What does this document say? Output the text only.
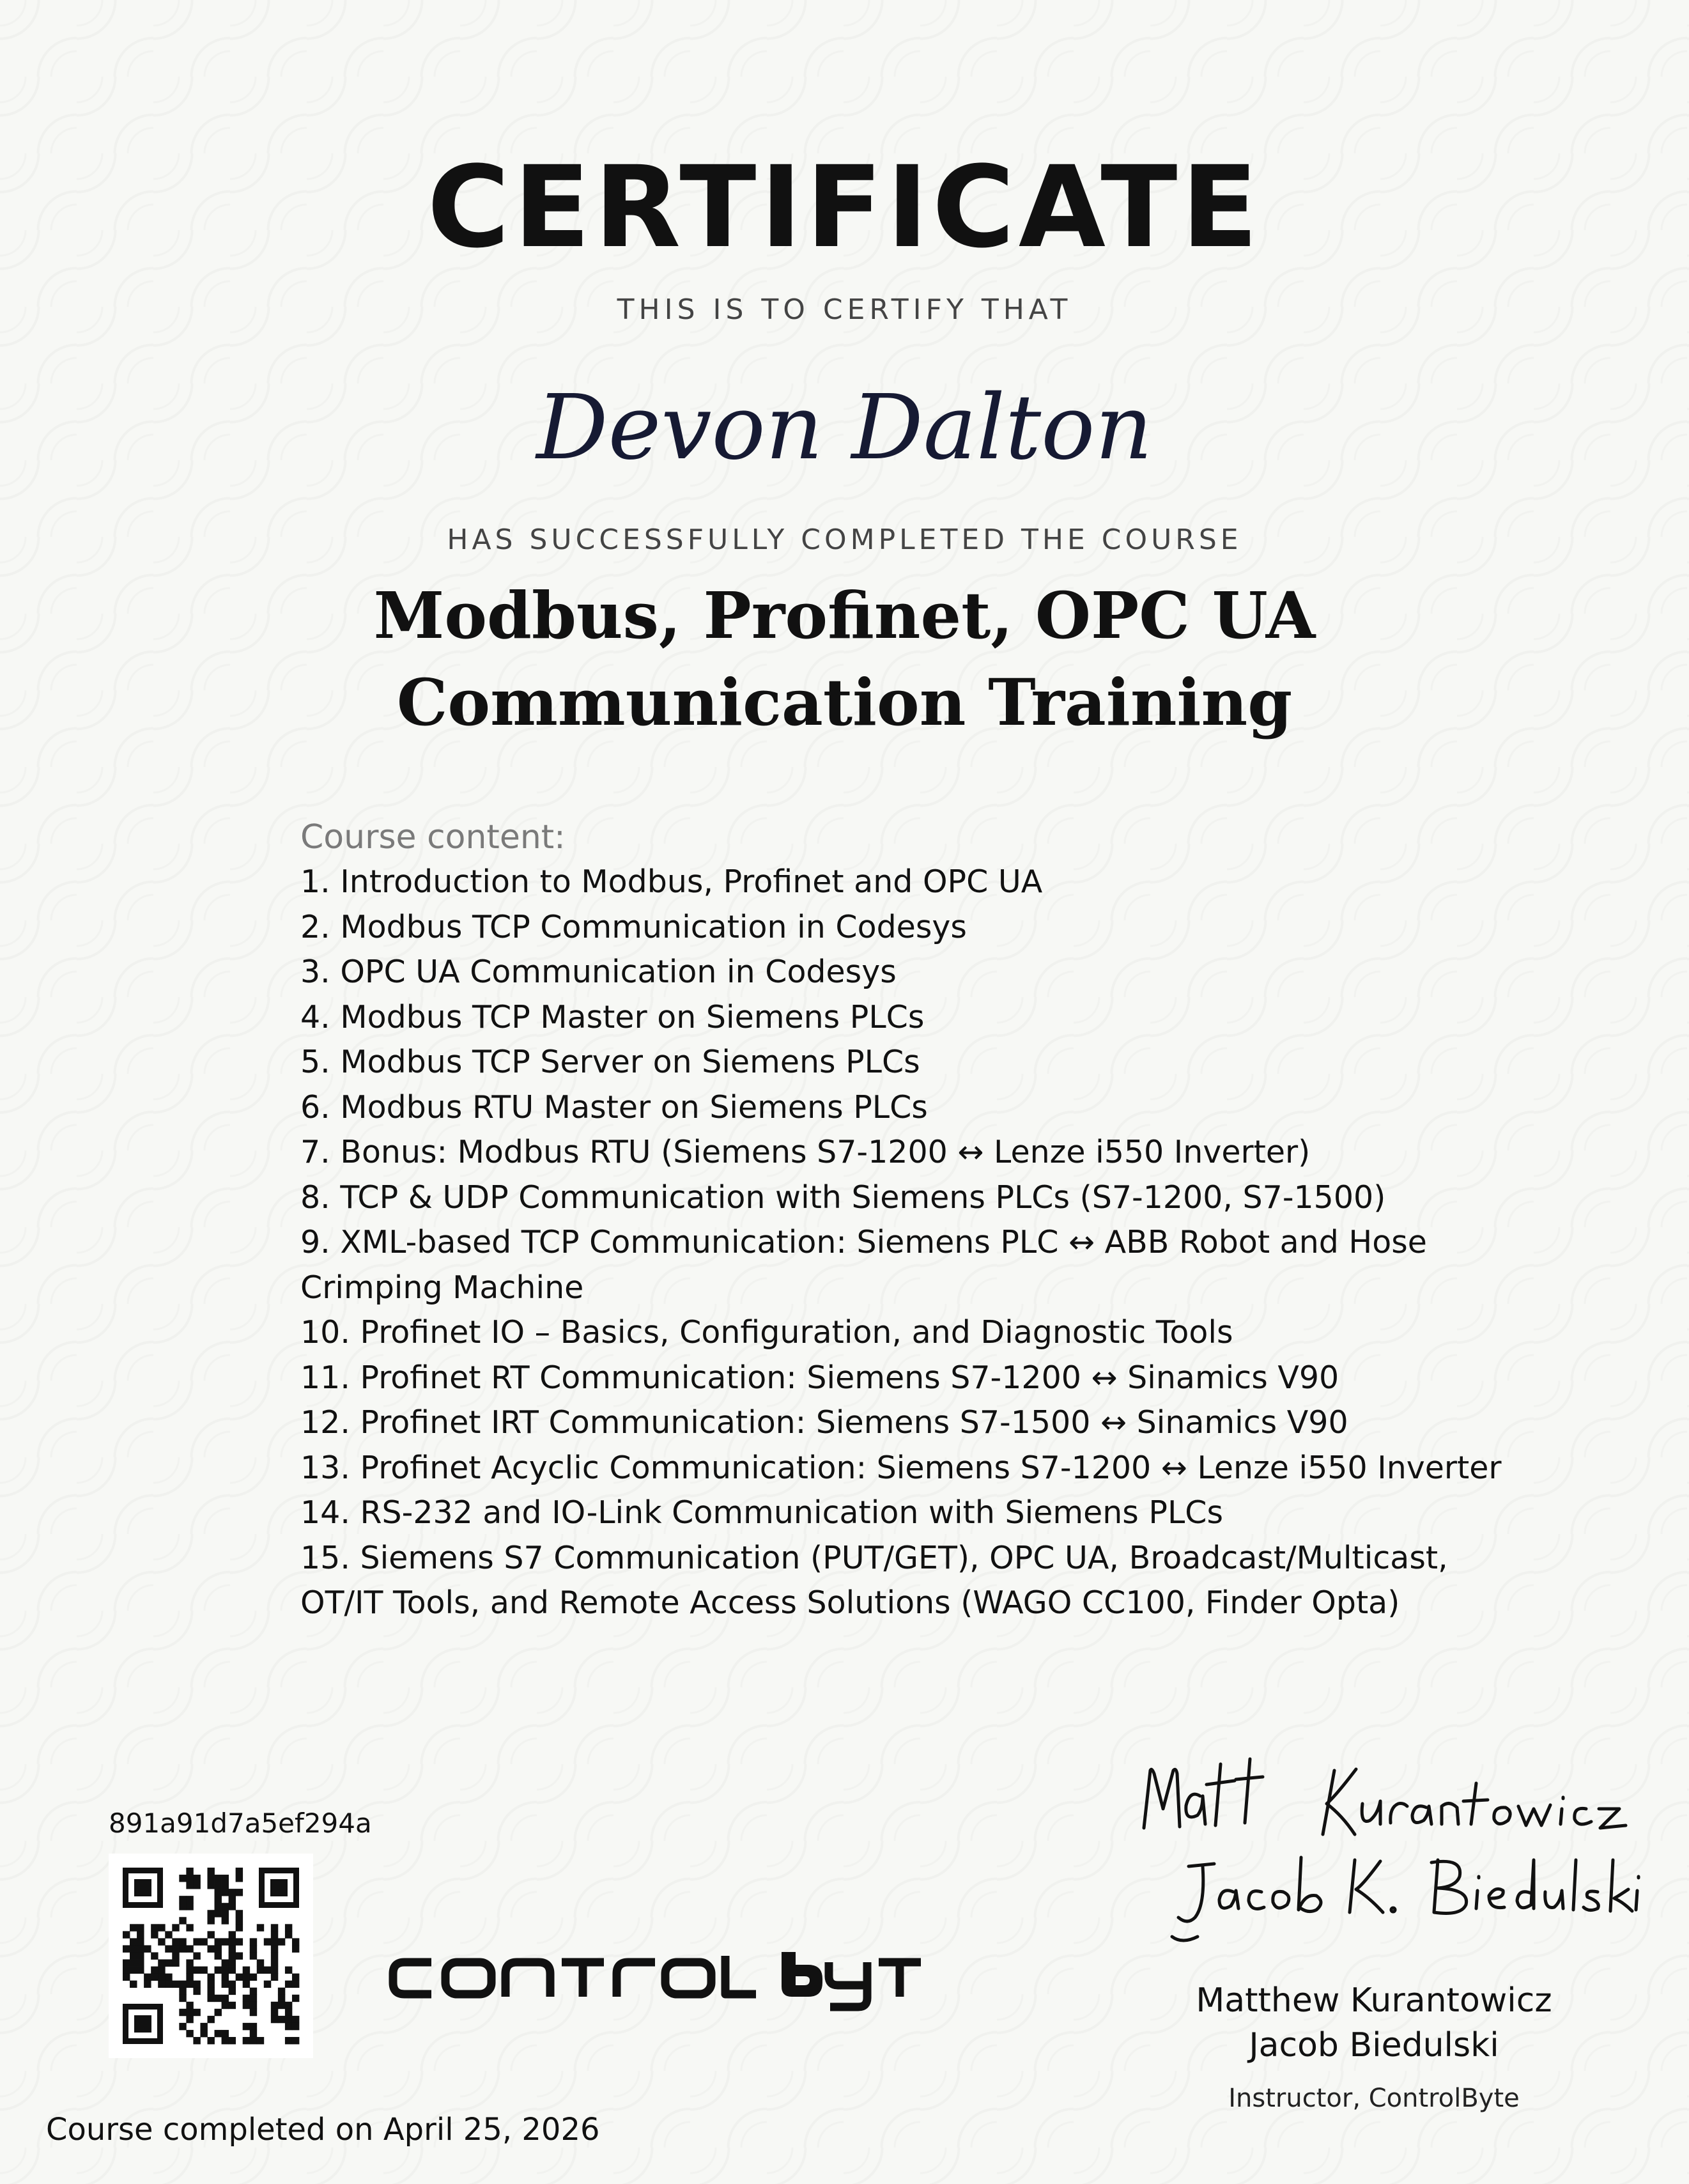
CERTIFICATE
THIS IS TO CERTIFY THAT
Devon Dalton
HAS SUCCESSFULLY COMPLETED THE COURSE
Modbus, Profinet, OPC UA
Communication Training
Course content:
1. Introduction to Modbus, Profinet and OPC UA
2. Modbus TCP Communication in Codesys
3. OPC UA Communication in Codesys
4. Modbus TCP Master on Siemens PLCs
5. Modbus TCP Server on Siemens PLCs
6. Modbus RTU Master on Siemens PLCs
7. Bonus: Modbus RTU (Siemens S7-1200 ↔ Lenze i550 Inverter)
8. TCP & UDP Communication with Siemens PLCs (S7-1200, S7-1500)
9. XML-based TCP Communication: Siemens PLC ↔ ABB Robot and Hose Crimping Machine
10. Profinet IO – Basics, Configuration, and Diagnostic Tools
11. Profinet RT Communication: Siemens S7-1200 ↔ Sinamics V90
12. Profinet IRT Communication: Siemens S7-1500 ↔ Sinamics V90
13. Profinet Acyclic Communication: Siemens S7-1200 ↔ Lenze i550 Inverter
14. RS-232 and IO-Link Communication with Siemens PLCs
15. Siemens S7 Communication (PUT/GET), OPC UA, Broadcast/Multicast, OT/IT Tools, and Remote Access Solutions (WAGO CC100, Finder Opta)
891a91d7a5ef294a
Matthew Kurantowicz
Jacob Biedulski
Instructor, ControlByte
Course completed on April 25, 2026
